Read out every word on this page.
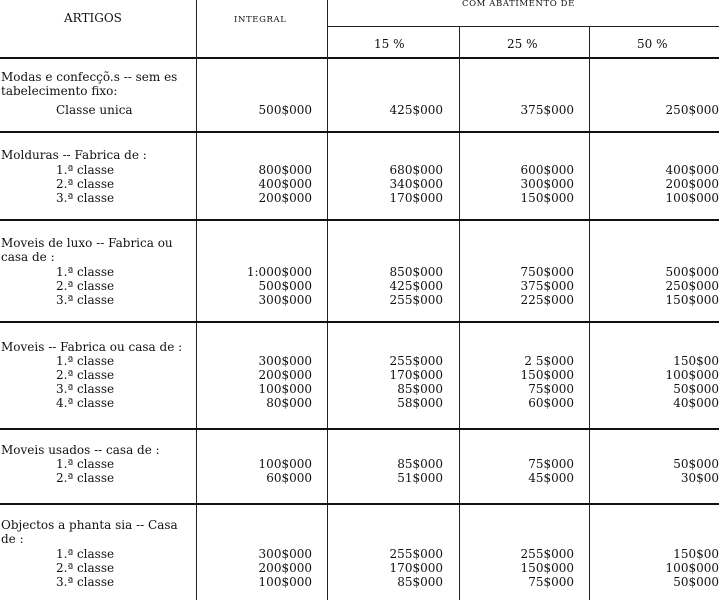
ARTIGOS	INTEGRAL
COM ABATIMENTO DE
15 %	25 %	50 %
Modas e confecçõ.s -- sem es
tabelecimento fixo:
Classe unica	500$000	425$000	375$000	250$000
Molduras -- Fabrica de :
1.ª classe	800$000	680$000	600$000	400$000
2.ª classe	400$000	340$000	300$000	200$000
3.ª classe	200$000	170$000	150$000	100$000
Moveis de luxo -- Fabrica ou
casa de :
1.ª classe	1:000$000	850$000	750$000	500$000
2.ª classe	500$000	425$000	375$000	250$000
3.ª classe	300$000	255$000	225$000	150$000
Moveis -- Fabrica ou casa de :
1.ª classe	300$000	255$000	2 5$000	150$00
2.ª classe	200$000	170$000	150$000	100$000
3.ª classe	100$000	85$000	75$000	50$000
4.ª classe	80$000	58$000	60$000	40$000
Moveis usados -- casa de :
1.ª classe	100$000	85$000	75$000	50$000
2.ª classe	60$000	51$000	45$000	30$00
Objectos a phanta sia -- Casa
de :
1.ª classe	300$000	255$000	255$000	150$00
2.ª classe	200$000	170$000	150$000	100$000
3.ª classe	100$000	85$000	75$000	50$000
